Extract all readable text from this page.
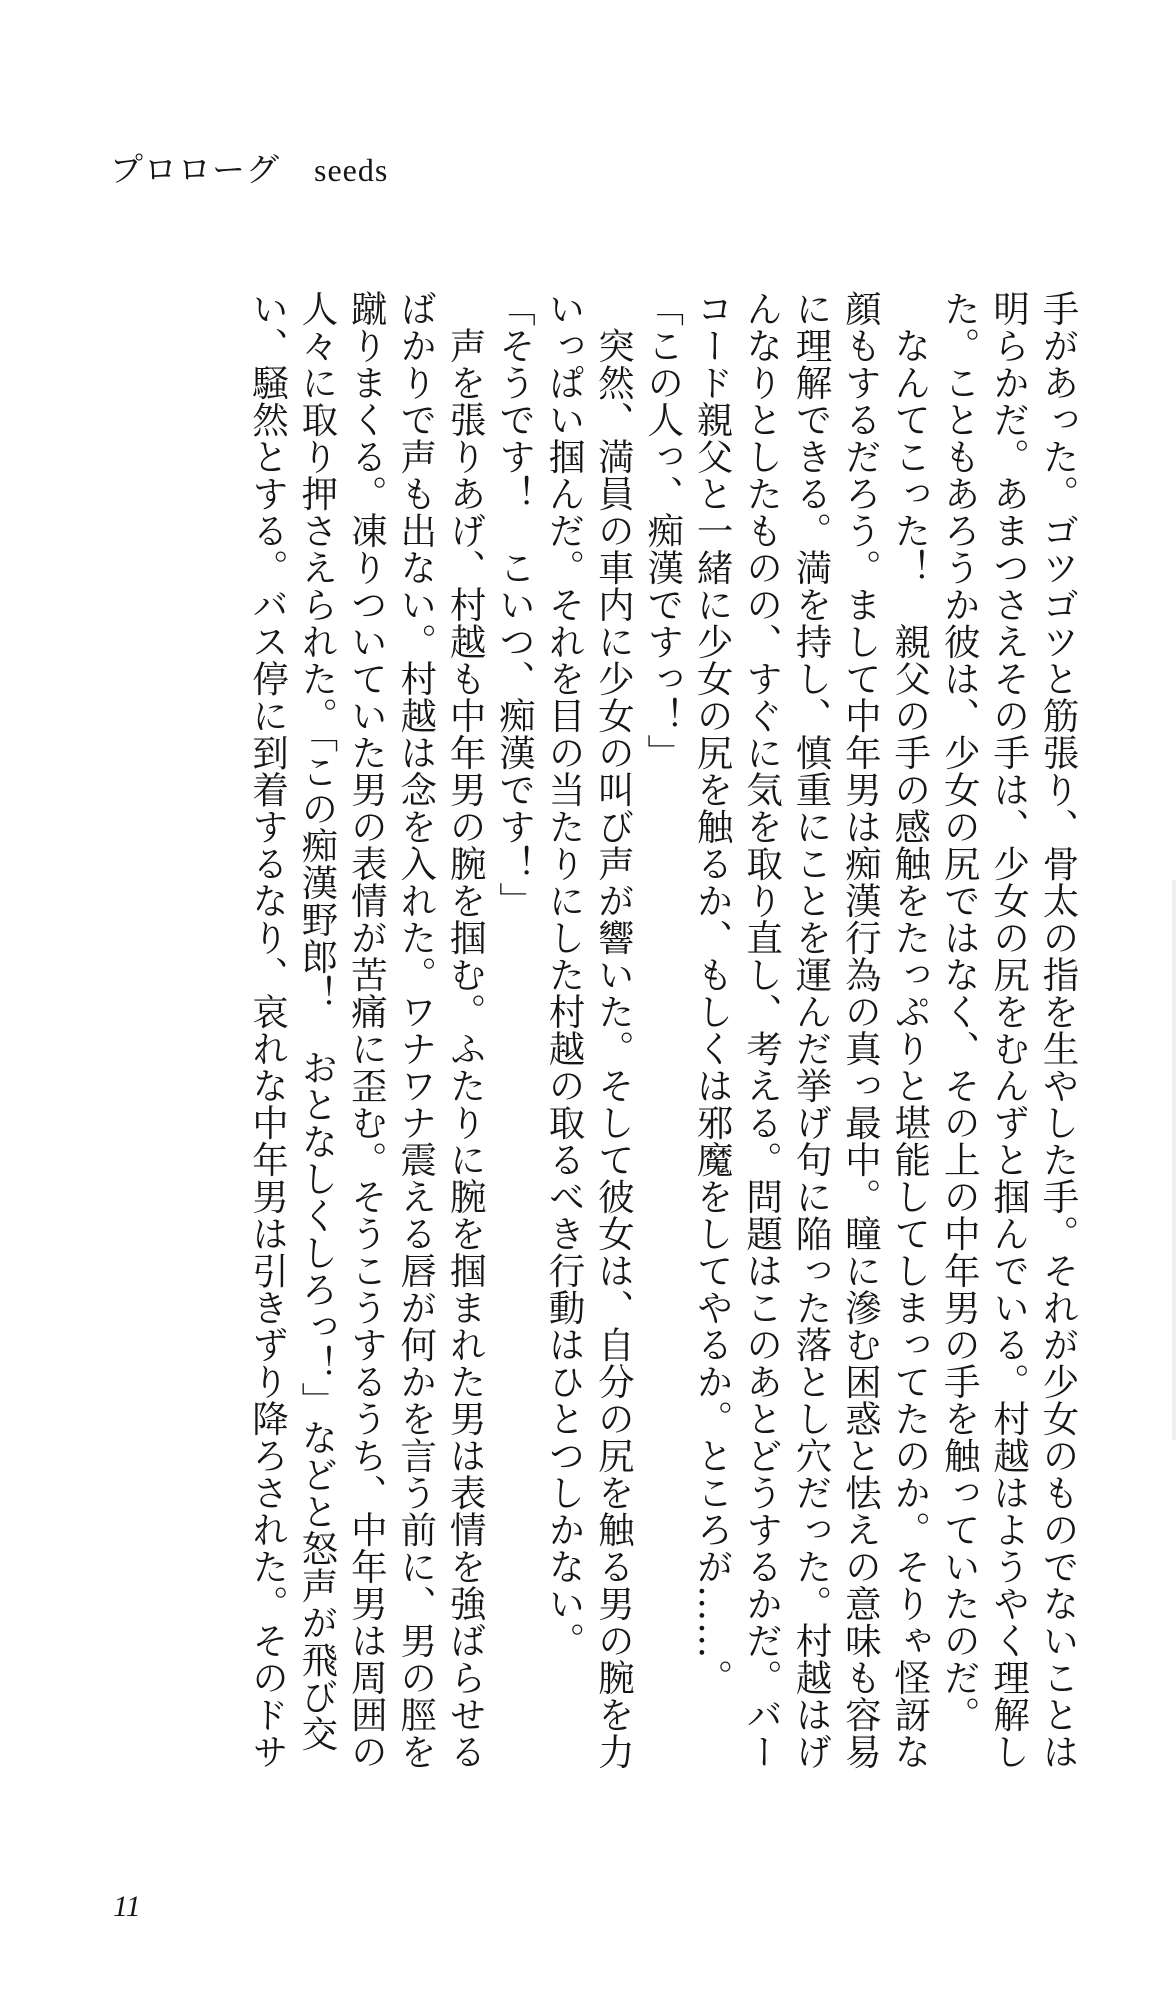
プロローグ seeds

手があった。ゴツゴツと筋張り、骨太の指を生やした手。それが少女のものでないことは

明らかだ。あまつさえその手は、少女の尻をむんずと掴んでいる。村越はようやく理解し

た。こともあろうか彼は、少女の尻ではなく、その上の中年男の手を触っていたのだ。

　なんてこった！　親父の手の感触をたっぷりと堪能してしまってたのか。そりゃ怪訝な

顔もするだろう。まして中年男は痴漢行為の真っ最中。瞳に滲む困惑と怯えの意味も容易

に理解できる。満を持し、慎重にことを運んだ挙げ句に陥った落とし穴だった。村越はげ

んなりとしたものの、すぐに気を取り直し、考える。問題はこのあとどうするかだ。バー

コード親父と一緒に少女の尻を触るか、もしくは邪魔をしてやるか。ところが……。

「この人っ、痴漢ですっ！」

　突然、満員の車内に少女の叫び声が響いた。そして彼女は、自分の尻を触る男の腕を力

いっぱい掴んだ。それを目の当たりにした村越の取るべき行動はひとつしかない。

「そうです！　こいつ、痴漢です！」

　声を張りあげ、村越も中年男の腕を掴む。ふたりに腕を掴まれた男は表情を強ばらせる

ばかりで声も出ない。村越は念を入れた。ワナワナ震える唇が何かを言う前に、男の脛を

蹴りまくる。凍りついていた男の表情が苦痛に歪む。そうこうするうち、中年男は周囲の

人々に取り押さえられた。「この痴漢野郎！　おとなしくしろっ！」などと怒声が飛び交

い、騒然とする。バス停に到着するなり、哀れな中年男は引きずり降ろされた。そのドサ

11
